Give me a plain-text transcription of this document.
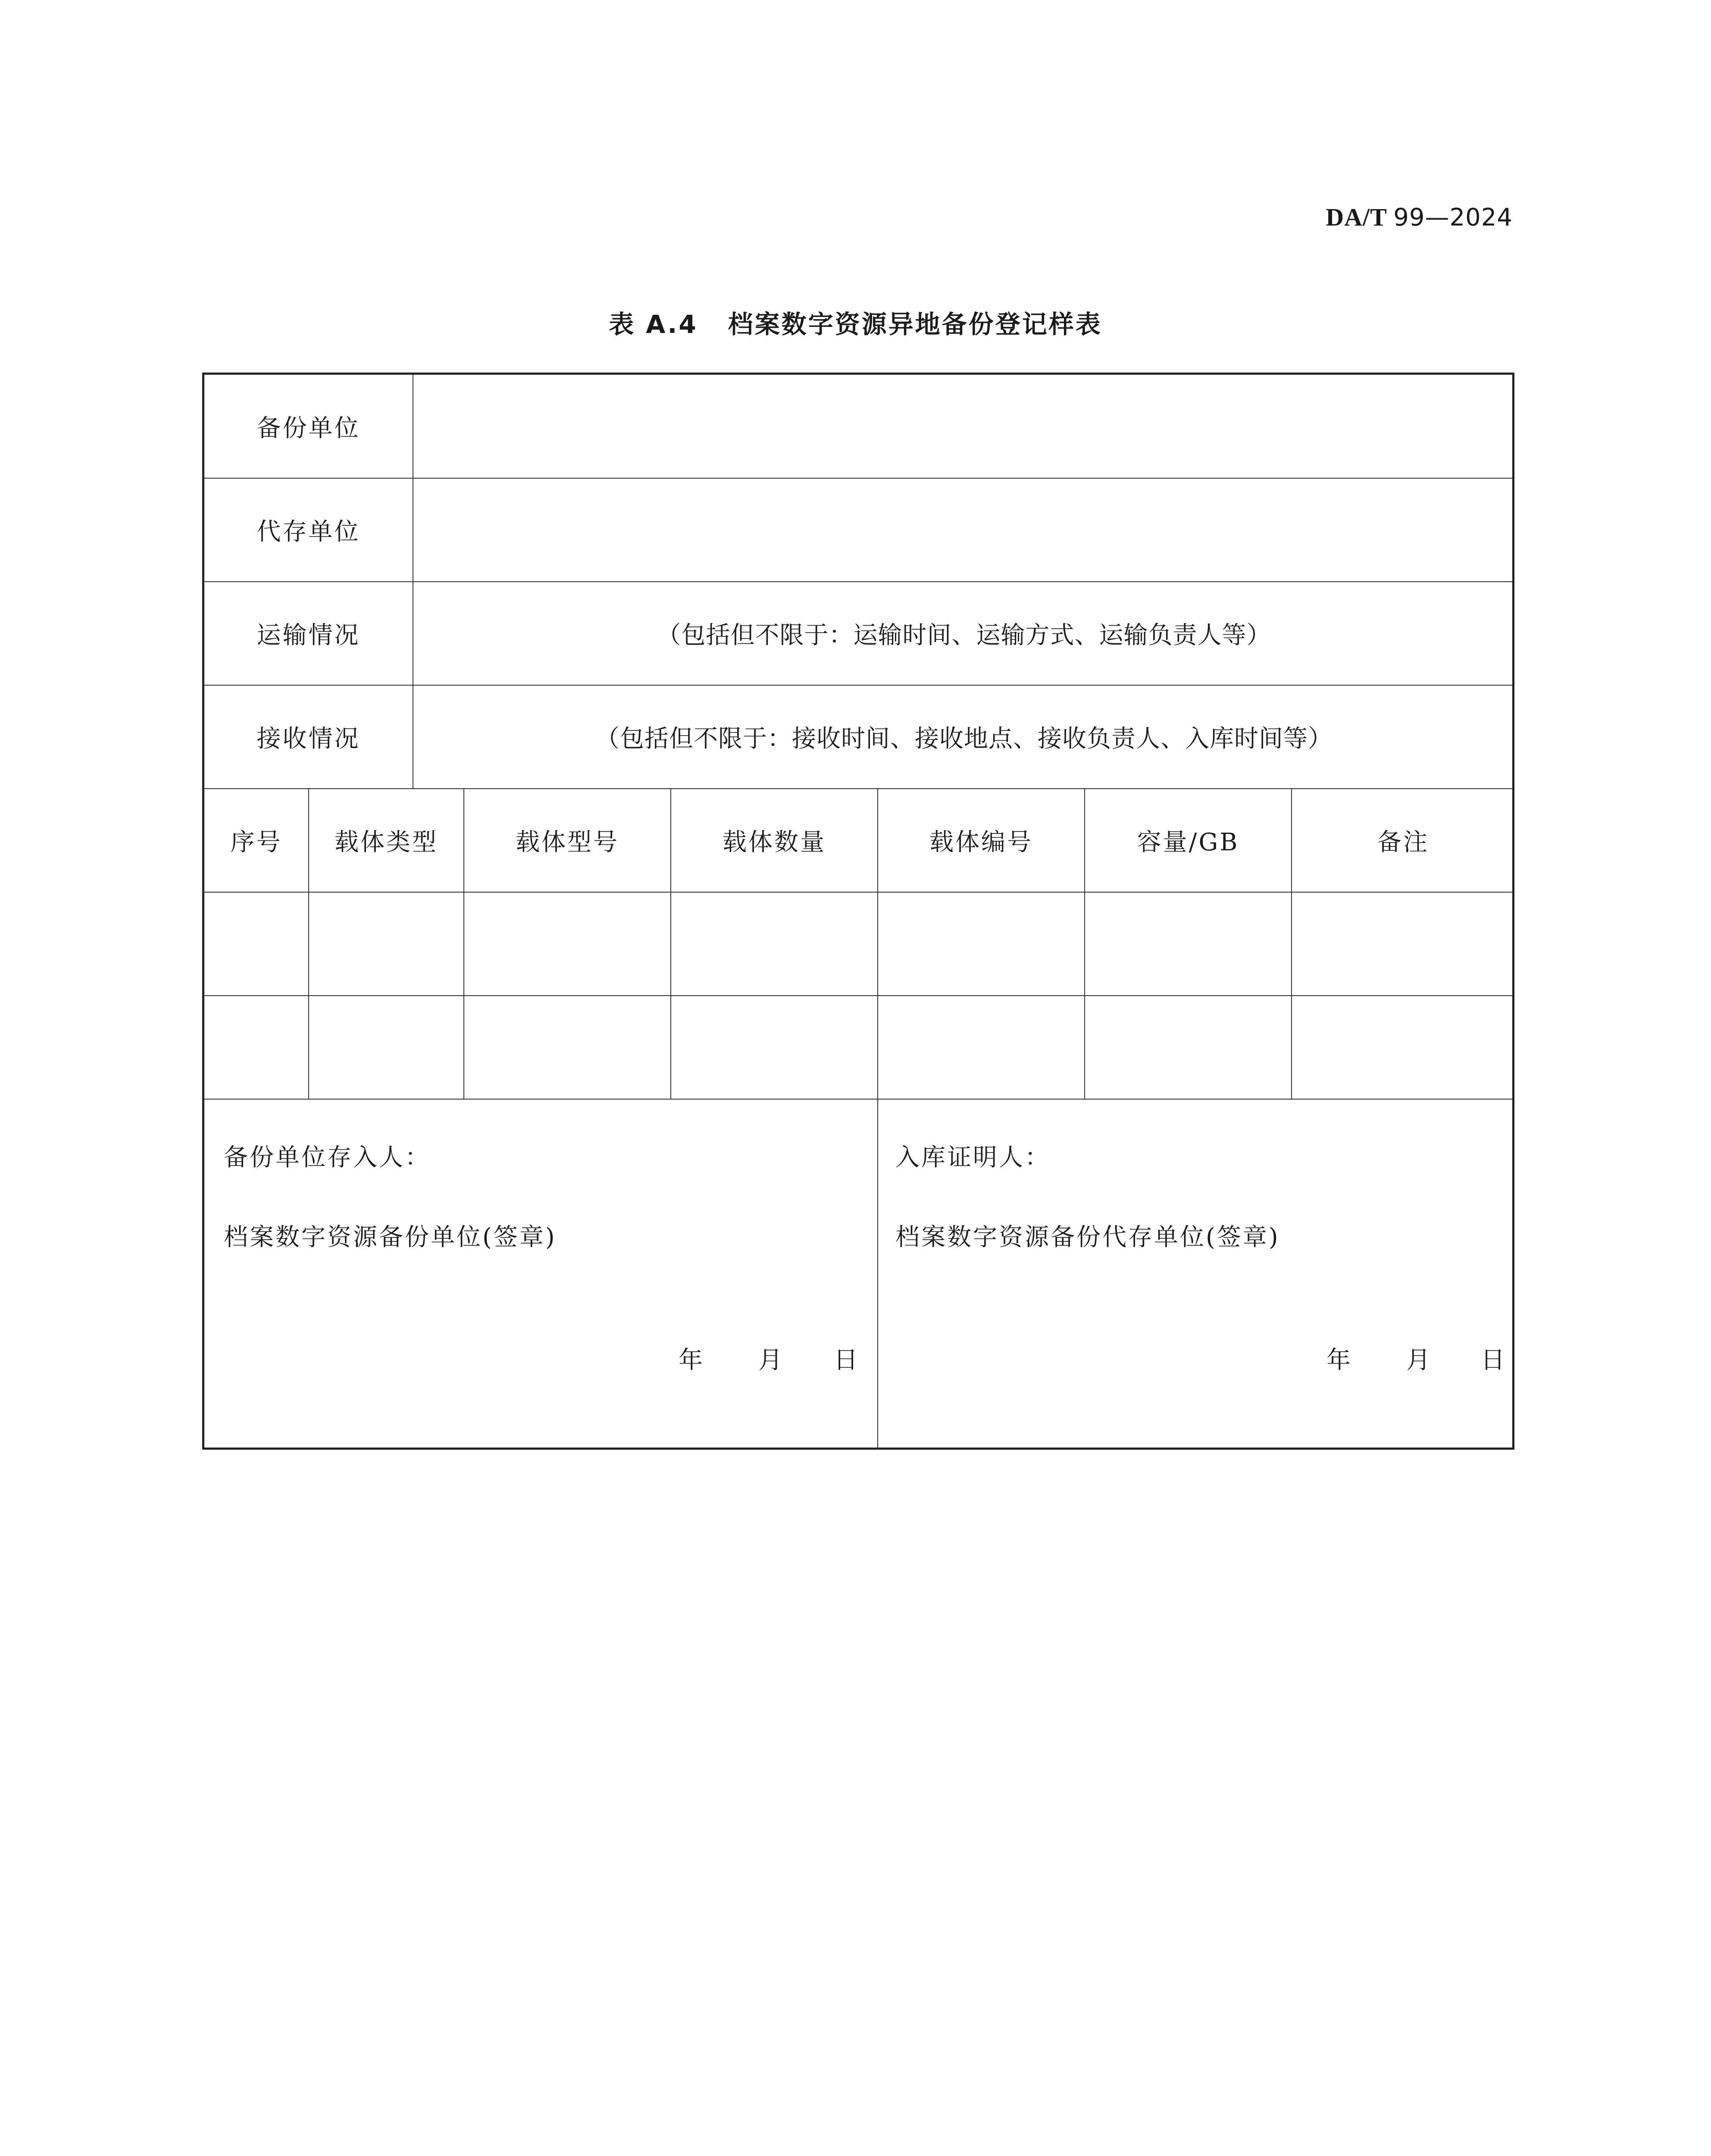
DA/T 99—2024
表 A.4 档案数字资源异地备份登记样表
备份单位
代存单位
运输情况	（包括但不限于：运输时间、运输方式、运输负责人等）
接收情况	（包括但不限于：接收时间、接收地点、接收负责人、入库时间等）
序号	载体类型	载体型号	载体数量	载体编号	容量/GB	备注
备份单位存入人：
档案数字资源备份单位(签章)
年 月 日
入库证明人：
档案数字资源备份代存单位(签章)
年 月 日
